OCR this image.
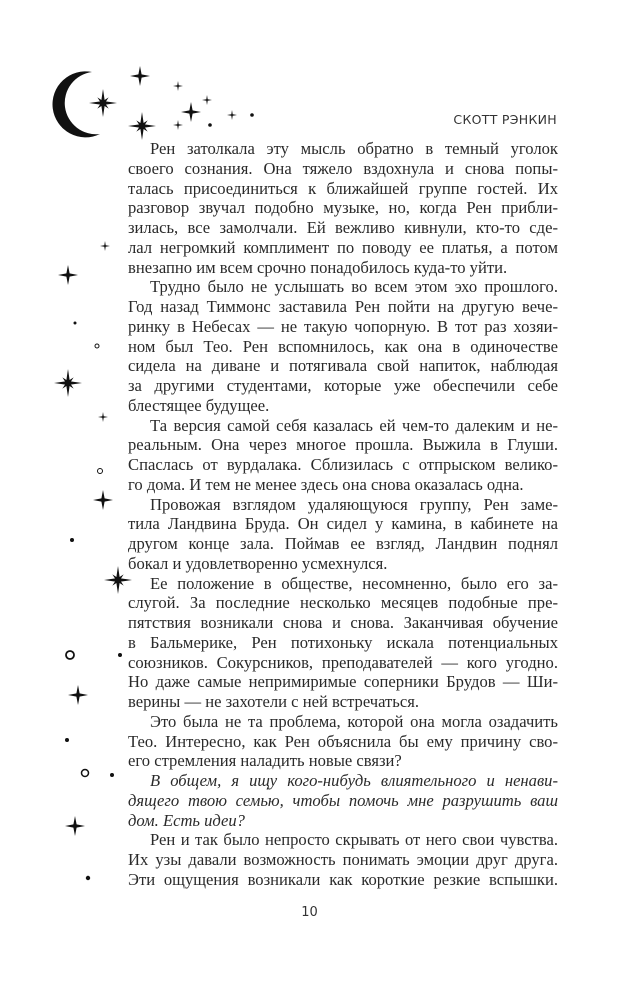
СКОТТ РЭНКИН
Рен затолкала эту мысль обратно в темный уголок
своего сознания. Она тяжело вздохнула и снова попы-
талась присоединиться к ближайшей группе гостей. Их
разговор звучал подобно музыке, но, когда Рен прибли-
зилась, все замолчали. Ей вежливо кивнули, кто-то сде-
лал негромкий комплимент по поводу ее платья, а потом
внезапно им всем срочно понадобилось куда-то уйти.
Трудно было не услышать во всем этом эхо прошлого.
Год назад Тиммонс заставила Рен пойти на другую вече-
ринку в Небесах — не такую чопорную. В тот раз хозяи-
ном был Тео. Рен вспомнилось, как она в одиночестве
сидела на диване и потягивала свой напиток, наблюдая
за другими студентами, которые уже обеспечили себе
блестящее будущее.
Та версия самой себя казалась ей чем-то далеким и не-
реальным. Она через многое прошла. Выжила в Глуши.
Спаслась от вурдалака. Сблизилась с отпрыском велико-
го дома. И тем не менее здесь она снова оказалась одна.
Провожая взглядом удаляющуюся группу, Рен заме-
тила Ландвина Бруда. Он сидел у камина, в кабинете на
другом конце зала. Поймав ее взгляд, Ландвин поднял
бокал и удовлетворенно усмехнулся.
Ее положение в обществе, несомненно, было его за-
слугой. За последние несколько месяцев подобные пре-
пятствия возникали снова и снова. Заканчивая обучение
в Бальмерике, Рен потихоньку искала потенциальных
союзников. Сокурсников, преподавателей — кого угодно.
Но даже самые непримиримые соперники Брудов — Ши-
верины — не захотели с ней встречаться.
Это была не та проблема, которой она могла озадачить
Тео. Интересно, как Рен объяснила бы ему причину сво-
его стремления наладить новые связи?
В общем, я ищу кого-нибудь влиятельного и ненави-
дящего твою семью, чтобы помочь мне разрушить ваш
дом. Есть идеи?
Рен и так было непросто скрывать от него свои чувства.
Их узы давали возможность понимать эмоции друг друга.
Эти ощущения возникали как короткие резкие вспышки.
10
